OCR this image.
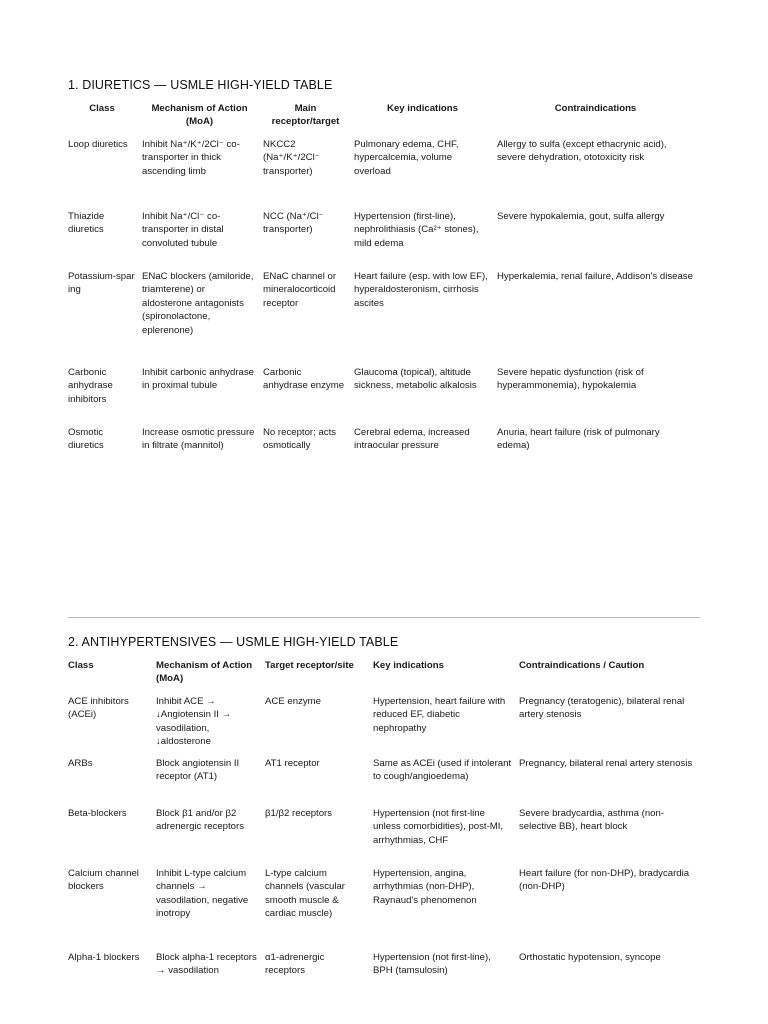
1. DIURETICS — USMLE HIGH-YIELD TABLE
Class	Mechanism of Action (MoA)	Main receptor/target	Key indications	Contraindications
Loop diuretics	Inhibit Na⁺/K⁺/2Cl⁻ co-transporter in thick ascending limb	NKCC2 (Na⁺/K⁺/2Cl⁻ transporter)	Pulmonary edema, CHF, hypercalcemia, volume overload	Allergy to sulfa (except ethacrynic acid), severe dehydration, ototoxicity risk
Thiazide diuretics	Inhibit Na⁺/Cl⁻ co-transporter in distal convoluted tubule	NCC (Na⁺/Cl⁻ transporter)	Hypertension (first-line), nephrolithiasis (Ca²⁺ stones), mild edema	Severe hypokalemia, gout, sulfa allergy
Potassium-sparing	ENaC blockers (amiloride, triamterene) or aldosterone antagonists (spironolactone, eplerenone)	ENaC channel or mineralocorticoid receptor	Heart failure (esp. with low EF), hyperaldosteronism, cirrhosis ascites	Hyperkalemia, renal failure, Addison's disease
Carbonic anhydrase inhibitors	Inhibit carbonic anhydrase in proximal tubule	Carbonic anhydrase enzyme	Glaucoma (topical), altitude sickness, metabolic alkalosis	Severe hepatic dysfunction (risk of hyperammonemia), hypokalemia
Osmotic diuretics	Increase osmotic pressure in filtrate (mannitol)	No receptor; acts osmotically	Cerebral edema, increased intraocular pressure	Anuria, heart failure (risk of pulmonary edema)
2. ANTIHYPERTENSIVES — USMLE HIGH-YIELD TABLE
Class	Mechanism of Action (MoA)	Target receptor/site	Key indications	Contraindications / Caution
ACE inhibitors (ACEi)	Inhibit ACE → ↓Angiotensin II → vasodilation, ↓aldosterone	ACE enzyme	Hypertension, heart failure with reduced EF, diabetic nephropathy	Pregnancy (teratogenic), bilateral renal artery stenosis
ARBs	Block angiotensin II receptor (AT1)	AT1 receptor	Same as ACEi (used if intolerant to cough/angioedema)	Pregnancy, bilateral renal artery stenosis
Beta-blockers	Block β1 and/or β2 adrenergic receptors	β1/β2 receptors	Hypertension (not first-line unless comorbidities), post-MI, arrhythmias, CHF	Severe bradycardia, asthma (non-selective BB), heart block
Calcium channel blockers	Inhibit L-type calcium channels → vasodilation, negative inotropy	L-type calcium channels (vascular smooth muscle & cardiac muscle)	Hypertension, angina, arrhythmias (non-DHP), Raynaud's phenomenon	Heart failure (for non-DHP), bradycardia (non-DHP)
Alpha-1 blockers	Block alpha-1 receptors → vasodilation	α1-adrenergic receptors	Hypertension (not first-line), BPH (tamsulosin)	Orthostatic hypotension, syncope
